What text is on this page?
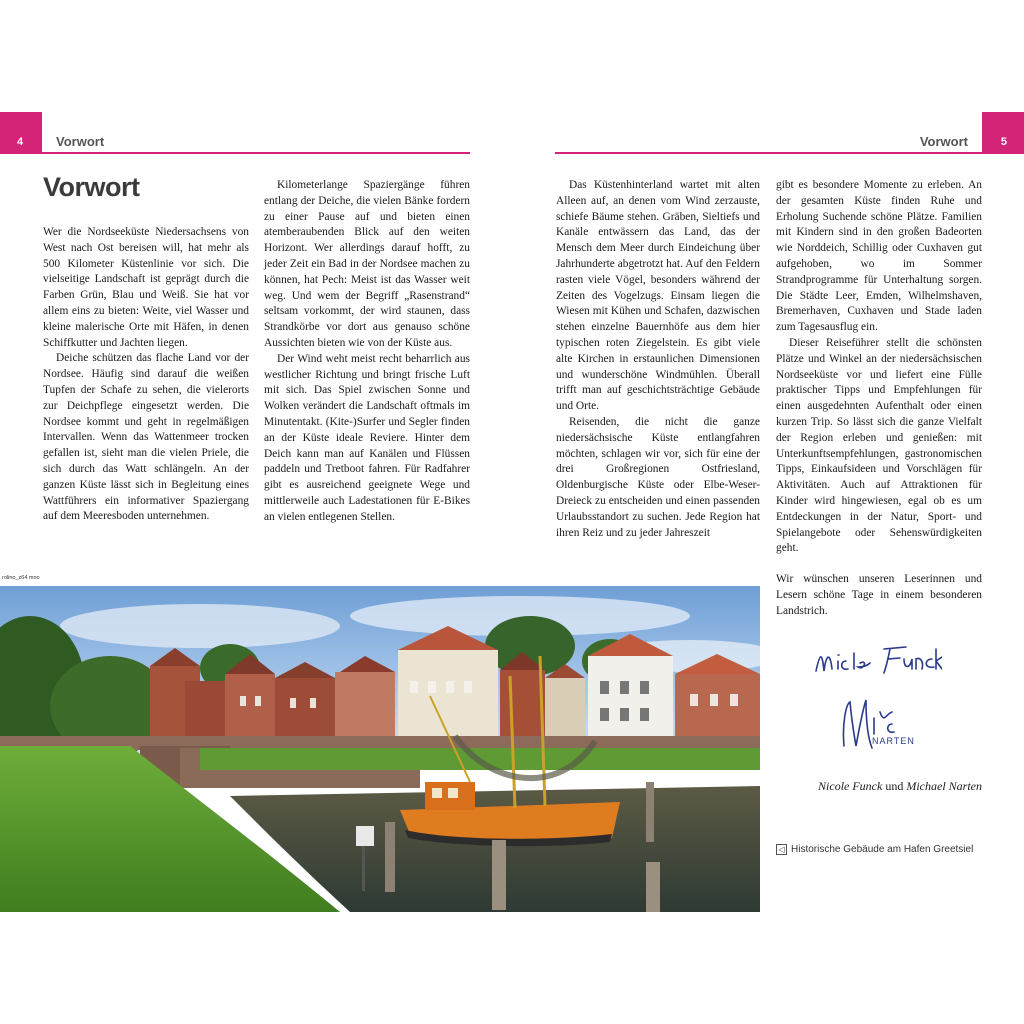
4	Vorwort	5
Vorwort
Vorwort

Wer die Nordseeküste Niedersachsens von West nach Ost bereisen will, hat mehr als 500 Kilometer Küstenlinie vor sich. Die vielseitige Landschaft ist geprägt durch die Farben Grün, Blau und Weiß. Sie hat vor allem eins zu bieten: Weite, viel Wasser und kleine malerische Orte mit Häfen, in denen Schiffkutter und Jachten liegen.

Deiche schützen das flache Land vor der Nordsee. Häufig sind darauf die weißen Tupfen der Schafe zu sehen, die vielerorts zur Deichpflege eingesetzt werden. Die Nordsee kommt und geht in regelmäßigen Intervallen. Wenn das Wattenmeer trocken gefallen ist, sieht man die vielen Priele, die sich durch das Watt schlängeln. An der ganzen Küste lässt sich in Begleitung eines Wattführers ein informativer Spaziergang auf dem Meeresboden unternehmen.

Kilometerlange Spaziergänge führen entlang der Deiche, die vielen Bänke fordern zu einer Pause auf und bieten einen atemberaubenden Blick auf den weiten Horizont. Wer allerdings darauf hofft, zu jeder Zeit ein Bad in der Nordsee machen zu können, hat Pech: Meist ist das Wasser weit weg. Und wem der Begriff „Rasenstrand“ seltsam vorkommt, der wird staunen, dass Strandkörbe vor dort aus genauso schöne Aussichten bieten wie von der Küste aus.

Der Wind weht meist recht beharrlich aus westlicher Richtung und bringt frische Luft mit sich. Das Spiel zwischen Sonne und Wolken verändert die Landschaft oftmals im Minutentakt. (Kite-)Surfer und Segler finden an der Küste ideale Reviere. Hinter dem Deich kann man auf Kanälen und Flüssen paddeln und Tretboot fahren. Für Radfahrer gibt es ausreichend geeignete Wege und mittlerweile auch Ladestationen für E-Bikes an vielen entlegenen Stellen.

Das Küstenhinterland wartet mit alten Alleen auf, an denen vom Wind zerzauste, schiefe Bäume stehen. Gräben, Sieltiefs und Kanäle entwässern das Land, das der Mensch dem Meer durch Eindeichung über Jahrhunderte abgetrotzt hat. Auf den Feldern rasten viele Vögel, besonders während der Zeiten des Vogelzugs. Einsam liegen die Wiesen mit Kühen und Schafen, dazwischen stehen einzelne Bauernhöfe aus dem hier typischen roten Ziegelstein. Es gibt viele alte Kirchen in erstaunlichen Dimensionen und wunderschöne Windmühlen. Überall trifft man auf geschichtsträchtige Gebäude und Orte.

Reisenden, die nicht die ganze niedersächsische Küste entlangfahren möchten, schlagen wir vor, sich für eine der drei Großregionen Ostfriesland, Oldenburgische Küste oder Elbe-Weser-Dreieck zu entscheiden und einen passenden Urlaubsstandort zu suchen. Jede Region hat ihren Reiz und zu jeder Jahreszeit

gibt es besondere Momente zu erleben. An der gesamten Küste finden Ruhe und Erholung Suchende schöne Plätze. Familien mit Kindern sind in den großen Badeorten wie Norddeich, Schillig oder Cuxhaven gut aufgehoben, wo im Sommer Strandprogramme für Unterhaltung sorgen. Die Städte Leer, Emden, Wilhelmshaven, Bremerhaven, Cuxhaven und Stade laden zum Tagesausflug ein.

Dieser Reiseführer stellt die schönsten Plätze und Winkel an der niedersächsischen Nordseeküste vor und liefert eine Fülle praktischer Tipps und Empfehlungen für einen ausgedehnten Aufenthalt oder einen kurzen Trip. So lässt sich die ganze Vielfalt der Region erleben und genießen: mit Unterkunftsempfehlungen, gastronomischen Tipps, Einkaufsideen und Vorschlägen für Aktivitäten. Auch auf Attraktionen für Kinder wird hingewiesen, egal ob es um Entdeckungen in der Natur, Sport- und Spielangebote oder Sehenswürdigkeiten geht.

Wir wünschen unseren Leserinnen und Lesern schöne Tage in einem besonderen Landstrich.

rolino_z64 mno
NARTEN
Nicole Funck und Michael Narten
◁ Historische Gebäude am Hafen Greetsiel
